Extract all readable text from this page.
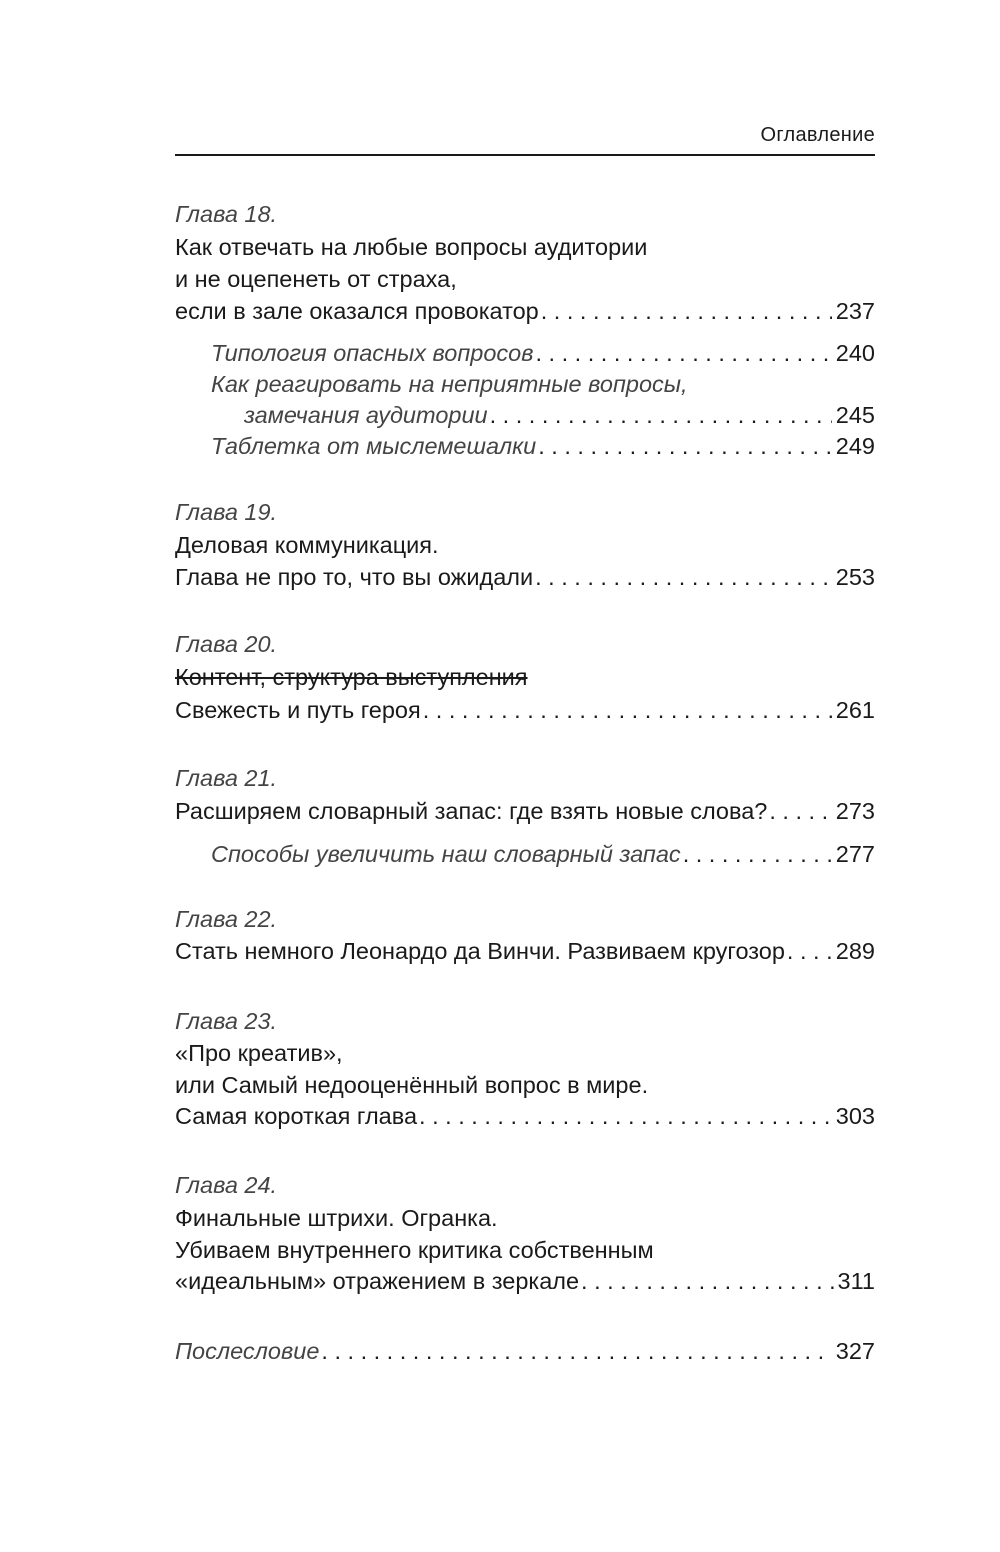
Оглавление
Глава 18.
Как отвечать на любые вопросы аудитории
и не оцепенеть от страха,
если в зале оказался провокатор . . .	237
Типология опасных вопросов . . .	240
Как реагировать на неприятные вопросы,
замечания аудитории . . .	245
Таблетка от мыслемешалки . . .	249
Глава 19.
Деловая коммуникация.
Глава не про то, что вы ожидали . . .	253
Глава 20.
Контент, структура выступления
Свежесть и путь героя . . .	261
Глава 21.
Расширяем словарный запас: где взять новые слова? . . .	273
Способы увеличить наш словарный запас . . .	277
Глава 22.
Стать немного Леонардо да Винчи. Развиваем кругозор . . . 289
Глава 23.
«Про креатив»,
или Самый недооценённый вопрос в мире.
Самая короткая глава . . .	303
Глава 24.
Финальные штрихи. Огранка.
Убиваем внутреннего критика собственным
«идеальным» отражением в зеркале . . .	311
Послесловие . . .	327
